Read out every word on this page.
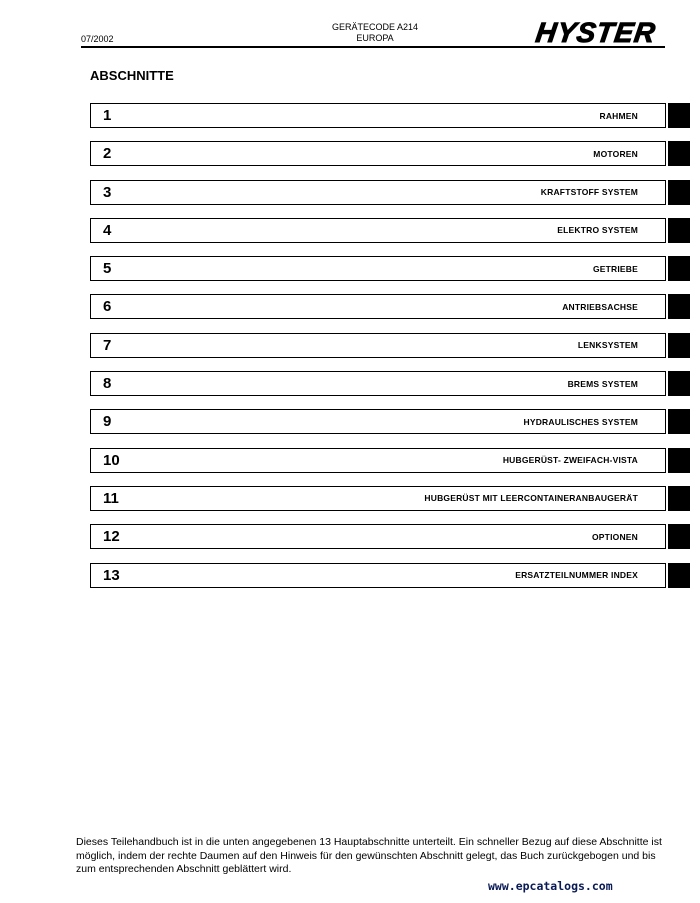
07/2002
GERÄTECODE A214
EUROPA	HYSTER
ABSCHNITTE
1	RAHMEN
2	MOTOREN
3	KRAFTSTOFF SYSTEM
4	ELEKTRO SYSTEM
5	GETRIEBE
6	ANTRIEBSACHSE
7	LENKSYSTEM
8	BREMS SYSTEM
9	HYDRAULISCHES SYSTEM
10	HUBGERÜST- ZWEIFACH-VISTA
11	HUBGERÜST MIT LEERCONTAINERANBAUGERÄT
12	OPTIONEN
13	ERSATZTEILNUMMER INDEX
Dieses Teilehandbuch ist in die unten angegebenen 13 Hauptabschnitte unterteilt. Ein schneller Bezug auf diese Abschnitte ist möglich, indem der rechte Daumen auf den Hinweis für den gewünschten Abschnitt gelegt, das Buch zurückgebogen und bis zum entsprechenden Abschnitt geblättert wird.
www.epcatalogs.com
